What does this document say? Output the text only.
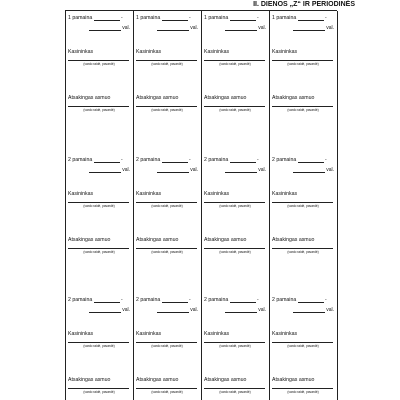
II. DIENOS „Z“ IR PERIODINĖS
1 pamaina	-
val.
Kasininkas
(vardo raidė, pavardė)
Atsakingas asmuo
(vardo raidė, pavardė)
1 pamaina	-
val.
Kasininkas
(vardo raidė, pavardė)
Atsakingas asmuo
(vardo raidė, pavardė)
1 pamaina	-
val.
Kasininkas
(vardo raidė, pavardė)
Atsakingas asmuo
(vardo raidė, pavardė)
1 pamaina	-
val.
Kasininkas
(vardo raidė, pavardė)
Atsakingas asmuo
(vardo raidė, pavardė)
2 pamaina	-
val.
Kasininkas
(vardo raidė, pavardė)
Atsakingas asmuo
(vardo raidė, pavardė)
2 pamaina	-
val.
Kasininkas
(vardo raidė, pavardė)
Atsakingas asmuo
(vardo raidė, pavardė)
2 pamaina	-
val.
Kasininkas
(vardo raidė, pavardė)
Atsakingas asmuo
(vardo raidė, pavardė)
2 pamaina	-
val.
Kasininkas
(vardo raidė, pavardė)
Atsakingas asmuo
(vardo raidė, pavardė)
2 pamaina	-
val.
Kasininkas
(vardo raidė, pavardė)
Atsakingas asmuo
(vardo raidė, pavardė)
2 pamaina	-
val.
Kasininkas
(vardo raidė, pavardė)
Atsakingas asmuo
(vardo raidė, pavardė)
2 pamaina	-
val.
Kasininkas
(vardo raidė, pavardė)
Atsakingas asmuo
(vardo raidė, pavardė)
2 pamaina	-
val.
Kasininkas
(vardo raidė, pavardė)
Atsakingas asmuo
(vardo raidė, pavardė)
